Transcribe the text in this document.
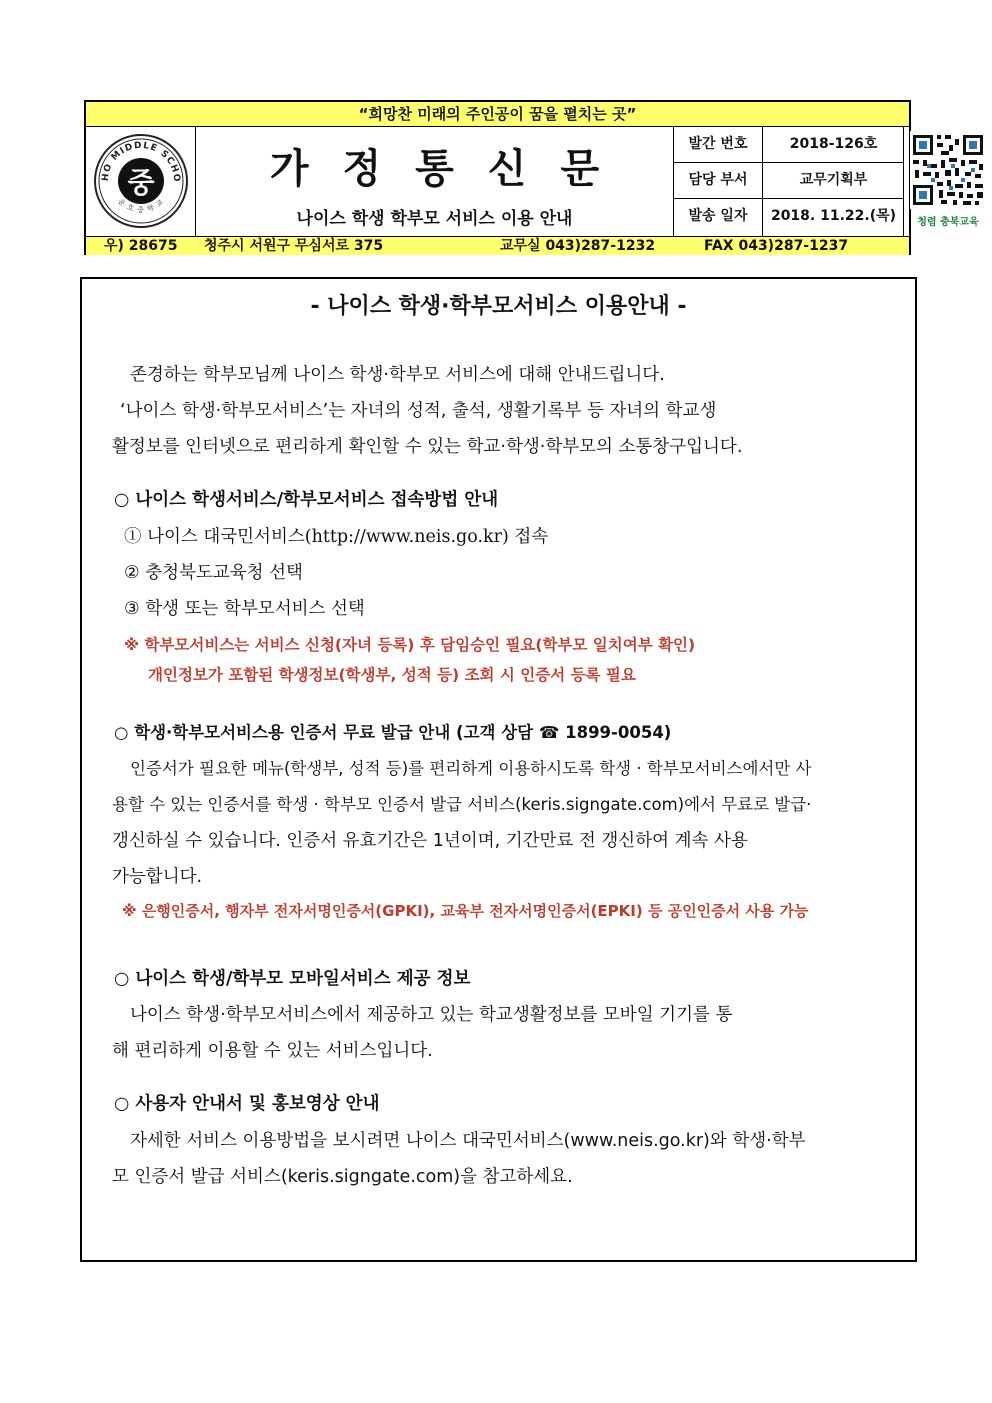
“희망찬 미래의 주인공이 꿈을 펼치는 곳”
HO MIDDLE SCHO
운 호 중 학 교
중	가정통신문
나이스 학생 학부모 서비스 이용 안내
발간 번호	2018-126호
담당 부서	교무기획부
발송 일자	2018. 11.22.(목)	청렴 충북교육
우) 28675 청주시 서원구 무심서로 375	교무실 043)287-1232	FAX 043)287-1237
- 나이스 학생·학부모서비스 이용안내 -
존경하는 학부모님께 나이스 학생·학부모 서비스에 대해 안내드립니다.
‘나이스 학생·학부모서비스’는 자녀의 성적, 출석, 생활기록부 등 자녀의 학교생
활정보를 인터넷으로 편리하게 확인할 수 있는 학교·학생·학부모의 소통창구입니다.
○ 나이스 학생서비스/학부모서비스 접속방법 안내
① 나이스 대국민서비스(http://www.neis.go.kr) 접속
② 충청북도교육청 선택
③ 학생 또는 학부모서비스 선택
※ 학부모서비스는 서비스 신청(자녀 등록) 후 담임승인 필요(학부모 일치여부 확인)
개인정보가 포함된 학생정보(학생부, 성적 등) 조회 시 인증서 등록 필요
○ 학생·학부모서비스용 인증서 무료 발급 안내 (고객 상담 ☎ 1899-0054)
인증서가 필요한 메뉴(학생부, 성적 등)를 편리하게 이용하시도록 학생 · 학부모서비스에서만 사
용할 수 있는 인증서를 학생 · 학부모 인증서 발급 서비스(keris.signgate.com)에서 무료로 발급·
갱신하실 수 있습니다. 인증서 유효기간은 1년이며, 기간만료 전 갱신하여 계속 사용
가능합니다.
※ 은행인증서, 행자부 전자서명인증서(GPKI), 교육부 전자서명인증서(EPKI) 등 공인인증서 사용 가능
○ 나이스 학생/학부모 모바일서비스 제공 정보
나이스 학생·학부모서비스에서 제공하고 있는 학교생활정보를 모바일 기기를 통
해 편리하게 이용할 수 있는 서비스입니다.
○ 사용자 안내서 및 홍보영상 안내
자세한 서비스 이용방법을 보시려면 나이스 대국민서비스(www.neis.go.kr)와 학생·학부
모 인증서 발급 서비스(keris.signgate.com)을 참고하세요.
